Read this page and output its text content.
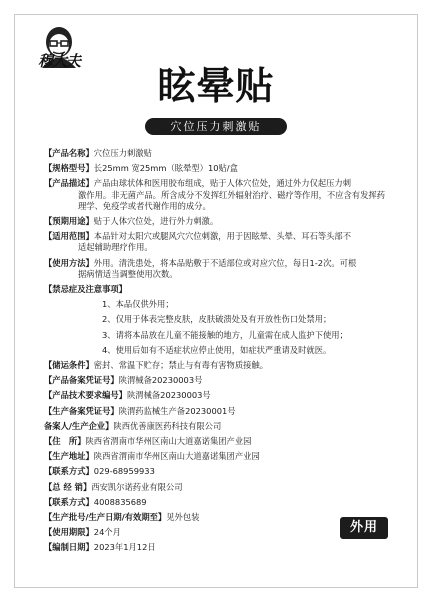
穆大夫
眩晕贴
穴位压力刺激贴
【产品名称】穴位压力刺激贴
【规格型号】长25mm 宽25mm（眩晕型）10贴/盒
【产品描述】产品由球状体和医用胶布组成，贴于人体穴位处，通过外力仅起压力刺
激作用。非无菌产品。所含成分不发挥红外辐射治疗、磁疗等作用，不应含有发挥药理学、免疫学或者代谢作用的成分。
【预期用途】贴于人体穴位处，进行外力刺激。
【适用范围】本品针对太阳穴或腿风穴穴位刺激，用于因眩晕、头晕、耳石等头部不
适起辅助理疗作用。
【使用方法】外用。清洗患处，将本品贴敷于不适部位或对应穴位，每日1-2次。可根
据病情适当调整使用次数。
【禁忌症及注意事项】
1、本品仅供外用；
2、仅用于体表完整皮肤，皮肤破溃处及有开放性伤口处禁用；
3、请将本品放在儿童不能接触的地方，儿童需在成人监护下使用；
4、使用后如有不适症状应停止使用，如症状严重请及时就医。
【储运条件】密封、常温下贮存；禁止与有毒有害物质接触。
【产品备案凭证号】陕渭械备20230003号
【产品技术要求编号】陕渭械备20230003号
【生产备案凭证号】陕渭药监械生产备20230001号
备案人/生产企业】陕西优善康医药科技有限公司
【住　所】陕西省渭南市华州区南山大道嘉诺集团产业园
【生产地址】陕西省渭南市华州区南山大道嘉诺集团产业园
【联系方式】029-68959933
【总 经 销】西安凯尔诺药业有限公司
【联系方式】4008835689
【生产批号/生产日期/有效期至】见外包装
【使用期限】24个月
【编制日期】2023年1月12日
外用
